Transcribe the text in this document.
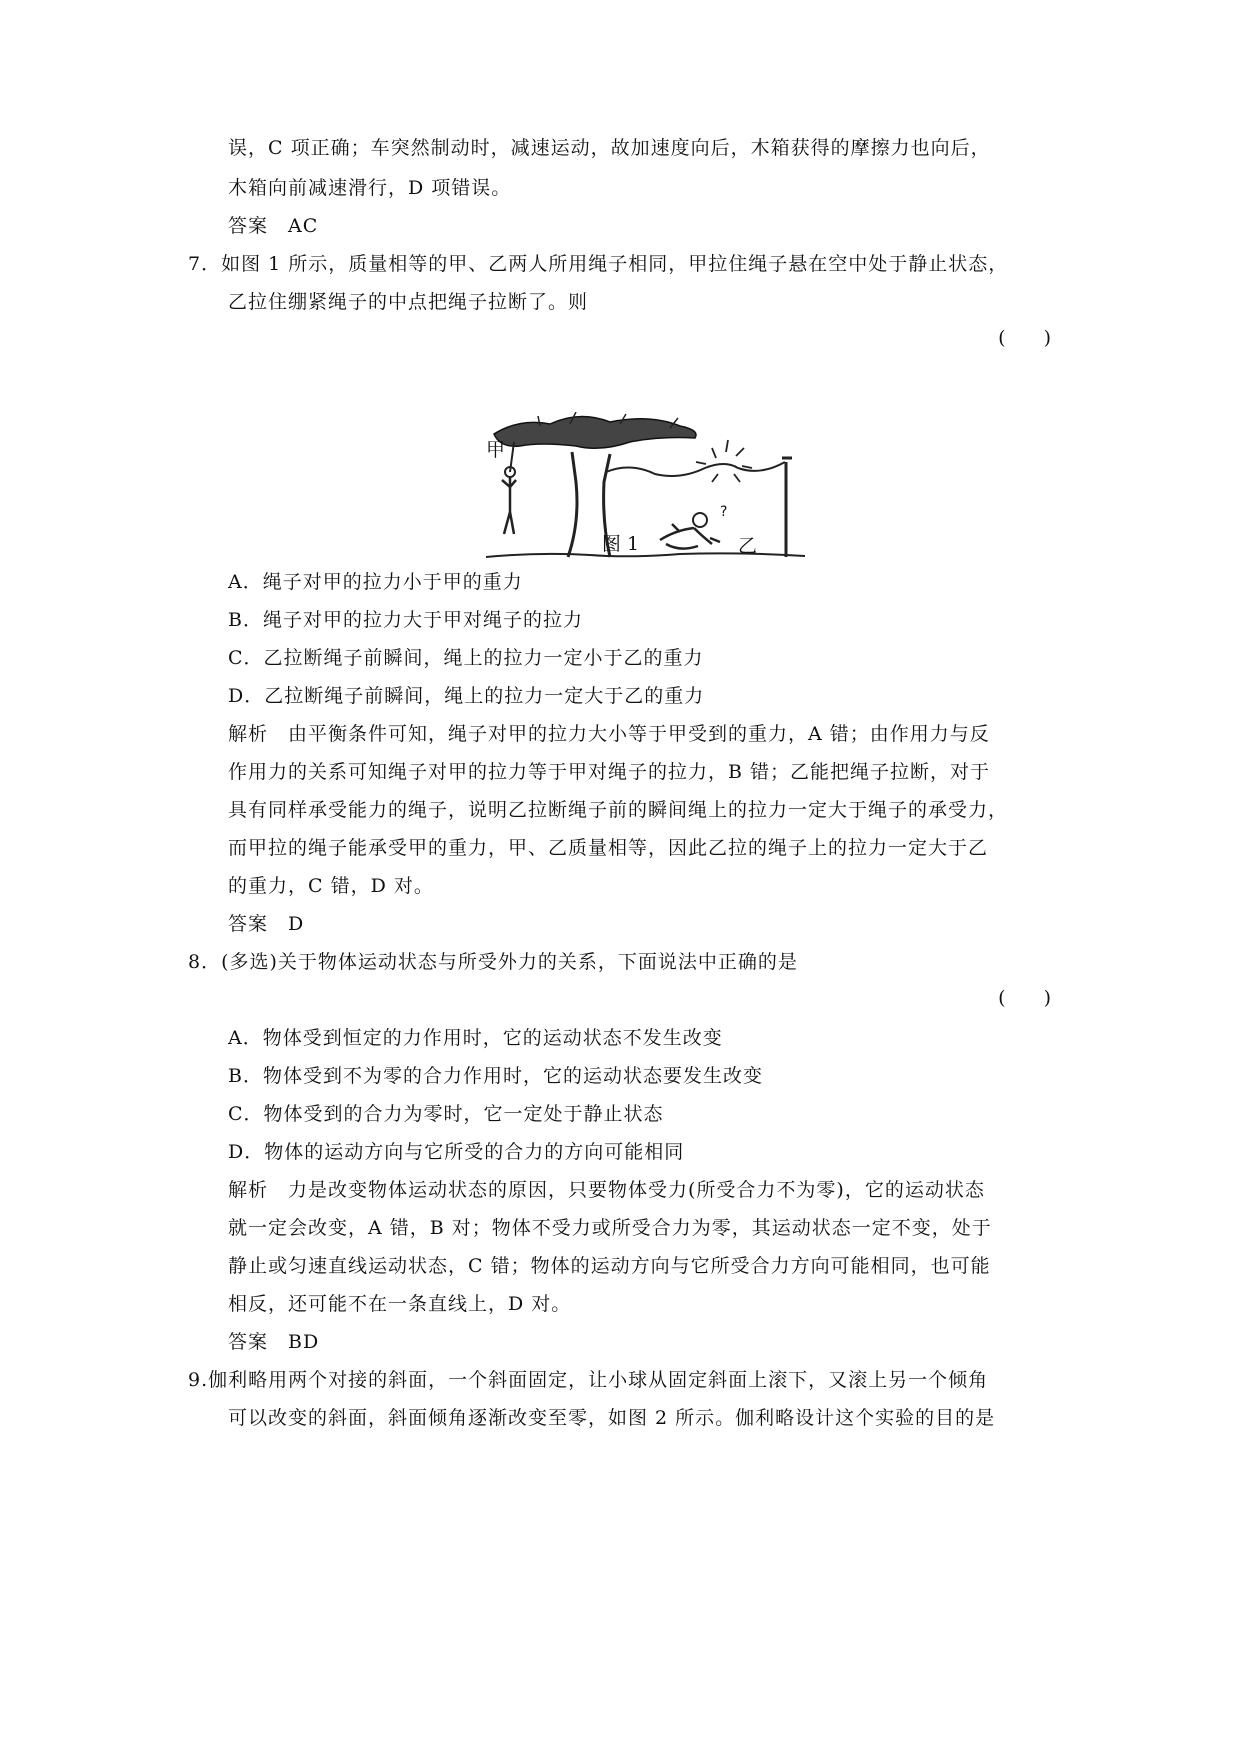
误，C 项正确；车突然制动时，减速运动，故加速度向后，木箱获得的摩擦力也向后，
木箱向前减速滑行，D 项错误。
答案　AC
7．如图 1 所示，质量相等的甲、乙两人所用绳子相同，甲拉住绳子悬在空中处于静止状态，
乙拉住绷紧绳子的中点把绳子拉断了。则
(　　)
?
甲
乙
图 1
A．绳子对甲的拉力小于甲的重力
B．绳子对甲的拉力大于甲对绳子的拉力
C．乙拉断绳子前瞬间，绳上的拉力一定小于乙的重力
D．乙拉断绳子前瞬间，绳上的拉力一定大于乙的重力
解析　由平衡条件可知，绳子对甲的拉力大小等于甲受到的重力，A 错；由作用力与反
作用力的关系可知绳子对甲的拉力等于甲对绳子的拉力，B 错；乙能把绳子拉断，对于
具有同样承受能力的绳子，说明乙拉断绳子前的瞬间绳上的拉力一定大于绳子的承受力，
而甲拉的绳子能承受甲的重力，甲、乙质量相等，因此乙拉的绳子上的拉力一定大于乙
的重力，C 错，D 对。
答案　D
8．(多选)关于物体运动状态与所受外力的关系，下面说法中正确的是
(　　)
A．物体受到恒定的力作用时，它的运动状态不发生改变
B．物体受到不为零的合力作用时，它的运动状态要发生改变
C．物体受到的合力为零时，它一定处于静止状态
D．物体的运动方向与它所受的合力的方向可能相同
解析　力是改变物体运动状态的原因，只要物体受力(所受合力不为零)，它的运动状态
就一定会改变，A 错，B 对；物体不受力或所受合力为零，其运动状态一定不变，处于
静止或匀速直线运动状态，C 错；物体的运动方向与它所受合力方向可能相同，也可能
相反，还可能不在一条直线上，D 对。
答案　BD
9.伽利略用两个对接的斜面，一个斜面固定，让小球从固定斜面上滚下，又滚上另一个倾角
可以改变的斜面，斜面倾角逐渐改变至零，如图 2 所示。伽利略设计这个实验的目的是
